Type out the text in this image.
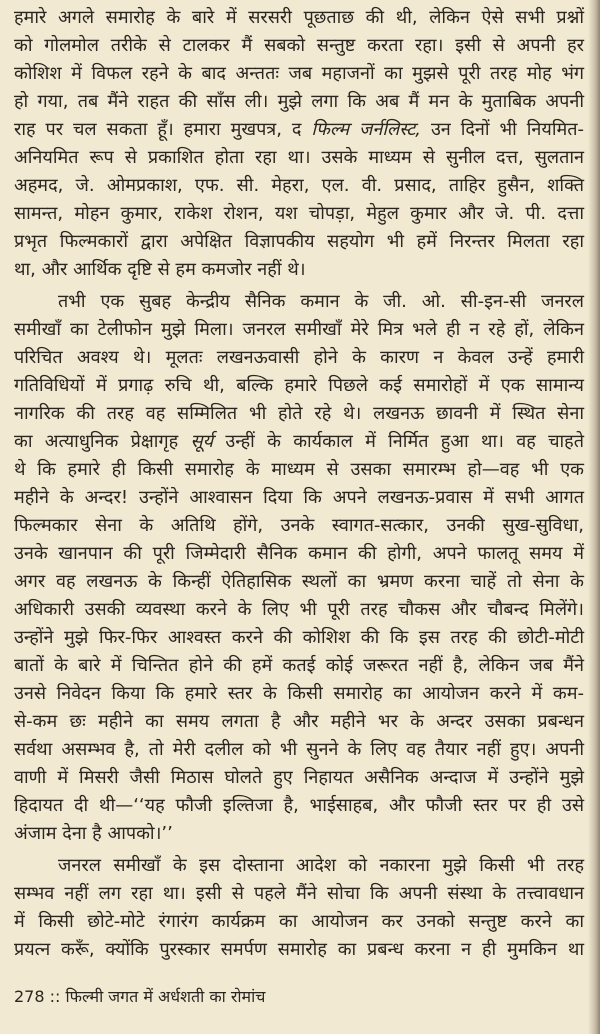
हमारे अगले समारोह के बारे में सरसरी पूछताछ की थी, लेकिन ऐसे सभी प्रश्नों
को गोलमोल तरीके से टालकर मैं सबको सन्तुष्ट करता रहा। इसी से अपनी हर
कोशिश में विफल रहने के बाद अन्ततः जब महाजनों का मुझसे पूरी तरह मोह भंग
हो गया, तब मैंने राहत की साँस ली। मुझे लगा कि अब मैं मन के मुताबिक अपनी
राह पर चल सकता हूँ। हमारा मुखपत्र, द फिल्म जर्नलिस्ट, उन दिनों भी नियमित-
अनियमित रूप से प्रकाशित होता रहा था। उसके माध्यम से सुनील दत्त, सुलतान
अहमद, जे. ओमप्रकाश, एफ. सी. मेहरा, एल. वी. प्रसाद, ताहिर हुसैन, शक्ति
सामन्त, मोहन कुमार, राकेश रोशन, यश चोपड़ा, मेहुल कुमार और जे. पी. दत्ता
प्रभृत फिल्मकारों द्वारा अपेक्षित विज्ञापकीय सहयोग भी हमें निरन्तर मिलता रहा
था, और आर्थिक दृष्टि से हम कमजोर नहीं थे।
तभी एक सुबह केन्द्रीय सैनिक कमान के जी. ओ. सी-इन-सी जनरल
समीखाँ का टेलीफोन मुझे मिला। जनरल समीखाँ मेरे मित्र भले ही न रहे हों, लेकिन
परिचित अवश्य थे। मूलतः लखनऊवासी होने के कारण न केवल उन्हें हमारी
गतिविधियों में प्रगाढ़ रुचि थी, बल्कि हमारे पिछले कई समारोहों में एक सामान्य
नागरिक की तरह वह सम्मिलित भी होते रहे थे। लखनऊ छावनी में स्थित सेना
का अत्याधुनिक प्रेक्षागृह सूर्य उन्हीं के कार्यकाल में निर्मित हुआ था। वह चाहते
थे कि हमारे ही किसी समारोह के माध्यम से उसका समारम्भ हो—वह भी एक
महीने के अन्दर! उन्होंने आश्वासन दिया कि अपने लखनऊ-प्रवास में सभी आगत
फिल्मकार सेना के अतिथि होंगे, उनके स्वागत-सत्कार, उनकी सुख-सुविधा,
उनके खानपान की पूरी जिम्मेदारी सैनिक कमान की होगी, अपने फालतू समय में
अगर वह लखनऊ के किन्हीं ऐतिहासिक स्थलों का भ्रमण करना चाहें तो सेना के
अधिकारी उसकी व्यवस्था करने के लिए भी पूरी तरह चौकस और चौबन्द मिलेंगे।
उन्होंने मुझे फिर-फिर आश्वस्त करने की कोशिश की कि इस तरह की छोटी-मोटी
बातों के बारे में चिन्तित होने की हमें कतई कोई जरूरत नहीं है, लेकिन जब मैंने
उनसे निवेदन किया कि हमारे स्तर के किसी समारोह का आयोजन करने में कम-
से-कम छः महीने का समय लगता है और महीने भर के अन्दर उसका प्रबन्धन
सर्वथा असम्भव है, तो मेरी दलील को भी सुनने के लिए वह तैयार नहीं हुए। अपनी
वाणी में मिसरी जैसी मिठास घोलते हुए निहायत असैनिक अन्दाज में उन्होंने मुझे
हिदायत दी थी—‘‘यह फौजी इल्तिजा है, भाईसाहब, और फौजी स्तर पर ही उसे
अंजाम देना है आपको।’’
जनरल समीखाँ के इस दोस्ताना आदेश को नकारना मुझे किसी भी तरह
सम्भव नहीं लग रहा था। इसी से पहले मैंने सोचा कि अपनी संस्था के तत्त्वावधान
में किसी छोटे-मोटे रंगारंग कार्यक्रम का आयोजन कर उनको सन्तुष्ट करने का
प्रयत्न करूँ, क्योंकि पुरस्कार समर्पण समारोह का प्रबन्ध करना न ही मुमकिन था
278 :: फिल्मी जगत में अर्धशती का रोमांच
